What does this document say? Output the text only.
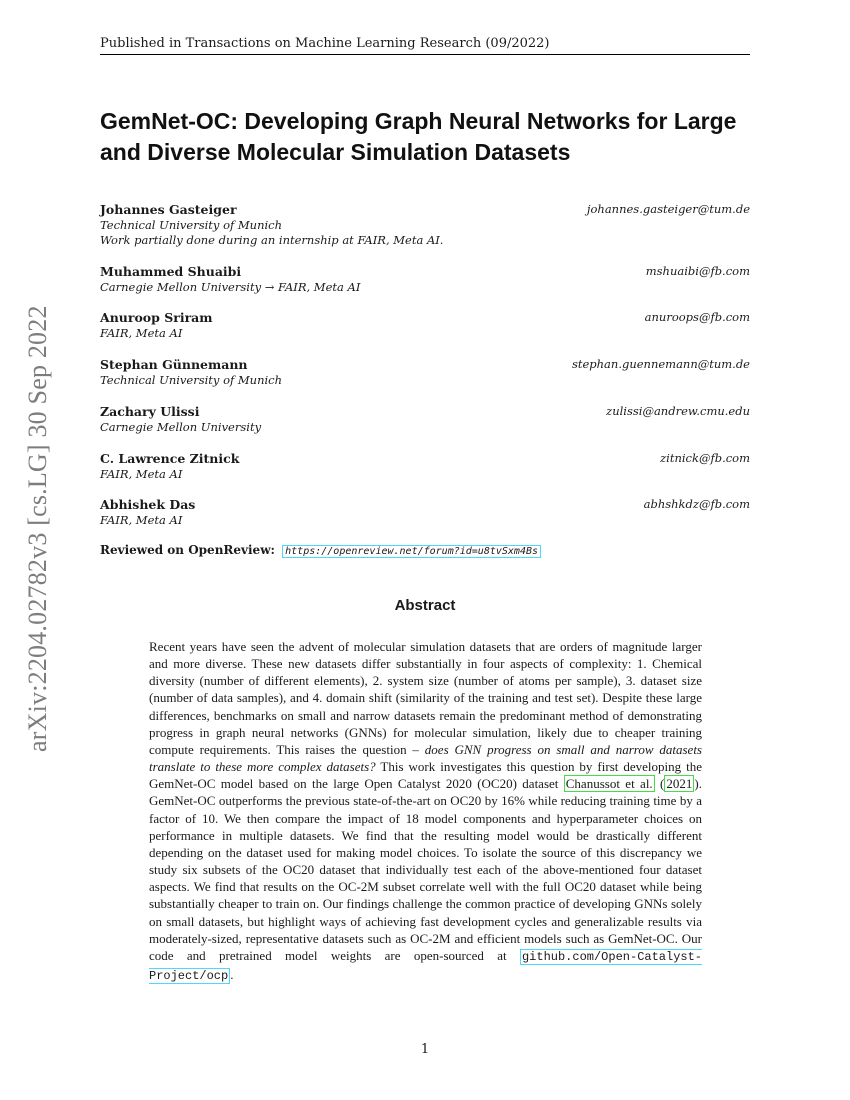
Published in Transactions on Machine Learning Research (09/2022)
arXiv:2204.02782v3 [cs.LG] 30 Sep 2022
GemNet-OC: Developing Graph Neural Networks for Large and Diverse Molecular Simulation Datasets
Johannes Gasteiger	johannes.gasteiger@tum.de
Technical University of Munich
Work partially done during an internship at FAIR, Meta AI.
Muhammed Shuaibi	mshuaibi@fb.com
Carnegie Mellon University → FAIR, Meta AI
Anuroop Sriram	anuroops@fb.com
FAIR, Meta AI
Stephan Günnemann	stephan.guennemann@tum.de
Technical University of Munich
Zachary Ulissi	zulissi@andrew.cmu.edu
Carnegie Mellon University
C. Lawrence Zitnick	zitnick@fb.com
FAIR, Meta AI
Abhishek Das	abhshkdz@fb.com
FAIR, Meta AI
Reviewed on OpenReview: https://openreview.net/forum?id=u8tvSxm4Bs
Abstract
Recent years have seen the advent of molecular simulation datasets that are orders of magnitude larger and more diverse. These new datasets differ substantially in four aspects of complexity: 1. Chemical diversity (number of different elements), 2. system size (number of atoms per sample), 3. dataset size (number of data samples), and 4. domain shift (similarity of the training and test set). Despite these large differences, benchmarks on small and narrow datasets remain the predominant method of demonstrating progress in graph neural networks (GNNs) for molecular simulation, likely due to cheaper training compute requirements. This raises the question – does GNN progress on small and narrow datasets translate to these more complex datasets? This work investigates this question by first developing the GemNet-OC model based on the large Open Catalyst 2020 (OC20) dataset Chanussot et al. ( 2021 ). GemNet-OC outperforms the previous state-of-the-art on OC20 by 16% while reducing training time by a factor of 10. We then compare the impact of 18 model components and hyperparameter choices on performance in multiple datasets. We find that the resulting model would be drastically different depending on the dataset used for making model choices. To isolate the source of this discrepancy we study six subsets of the OC20 dataset that individually test each of the above-mentioned four dataset aspects. We find that results on the OC-2M subset correlate well with the full OC20 dataset while being substantially cheaper to train on. Our findings challenge the common practice of developing GNNs solely on small datasets, but highlight ways of achieving fast development cycles and generalizable results via moderately-sized, representative datasets such as OC-2M and efficient models such as GemNet-OC. Our code and pretrained model weights are open-sourced at github.com/Open-Catalyst-Project/ocp .
1
